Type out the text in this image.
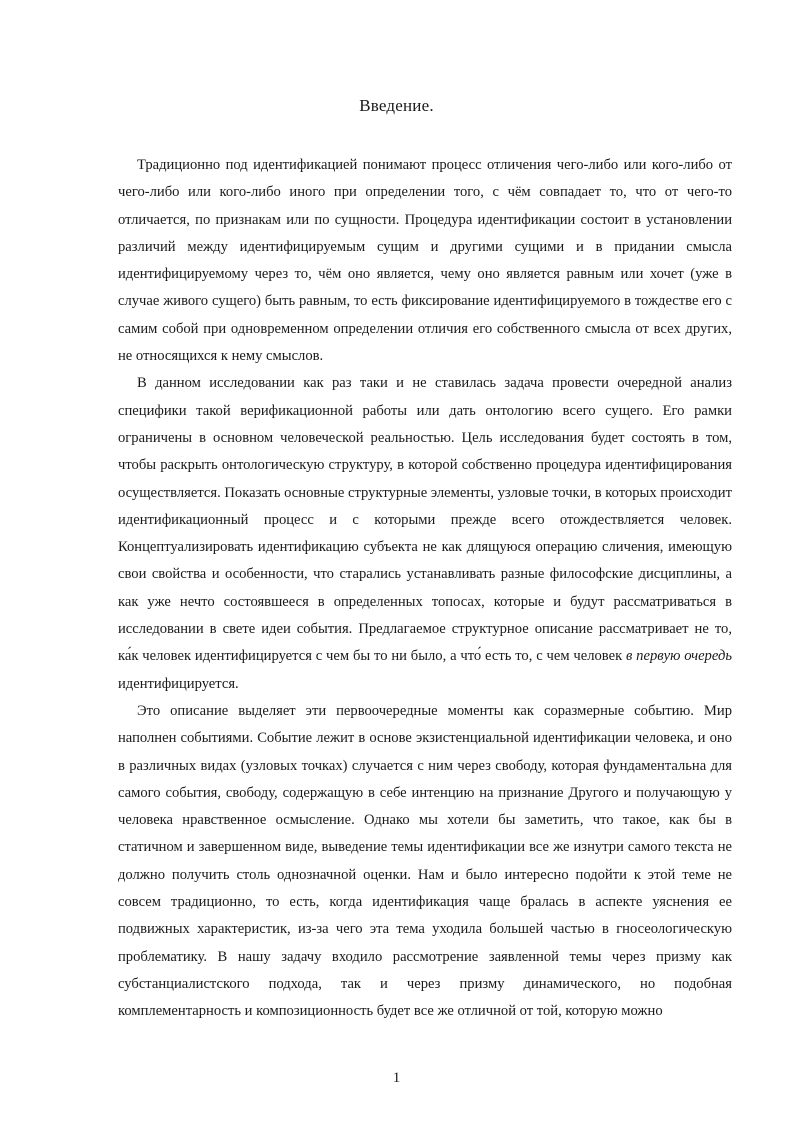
Введение.

Традиционно под идентификацией понимают процесс отличения чего-либо или кого-либо от чего-либо или кого-либо иного при определении того, с чём совпадает то, что от чего-то отличается, по признакам или по сущности. Процедура идентификации состоит в установлении различий между идентифицируемым сущим и другими сущими и в придании смысла идентифицируемому через то, чём оно является, чему оно является равным или хочет (уже в случае живого сущего) быть равным, то есть фиксирование идентифицируемого в тождестве его с самим собой при одновременном определении отличия его собственного смысла от всех других, не относящихся к нему смыслов.

В данном исследовании как раз таки и не ставилась задача провести очередной анализ специфики такой верификационной работы или дать онтологию всего сущего. Его рамки ограничены в основном человеческой реальностью. Цель исследования будет состоять в том, чтобы раскрыть онтологическую структуру, в которой собственно процедура идентифицирования осуществляется. Показать основные структурные элементы, узловые точки, в которых происходит идентификационный процесс и с которыми прежде всего отождествляется человек. Концептуализировать идентификацию субъекта не как длящуюся операцию сличения, имеющую свои свойства и особенности, что старались устанавливать разные философские дисциплины, а как уже нечто состоявшееся в определенных топосах, которые и будут рассматриваться в исследовании в свете идеи события. Предлагаемое структурное описание рассматривает не то, ка́к человек идентифицируется с чем бы то ни было, а что́ есть то, с чем человек в первую очередь идентифицируется.

Это описание выделяет эти первоочередные моменты как соразмерные событию. Мир наполнен событиями. Событие лежит в основе экзистенциальной идентификации человека, и оно в различных видах (узловых точках) случается с ним через свободу, которая фундаментальна для самого события, свободу, содержащую в себе интенцию на признание Другого и получающую у человека нравственное осмысление. Однако мы хотели бы заметить, что такое, как бы в статичном и завершенном виде, выведение темы идентификации все же изнутри самого текста не должно получить столь однозначной оценки. Нам и было интересно подойти к этой теме не совсем традиционно, то есть, когда идентификация чаще бралась в аспекте уяснения ее подвижных характеристик, из-за чего эта тема уходила большей частью в гносеологическую проблематику. В нашу задачу входило рассмотрение заявленной темы через призму как субстанциалистского подхода, так и через призму динамического, но подобная комплементарность и композиционность будет все же отличной от той, которую можно

1
